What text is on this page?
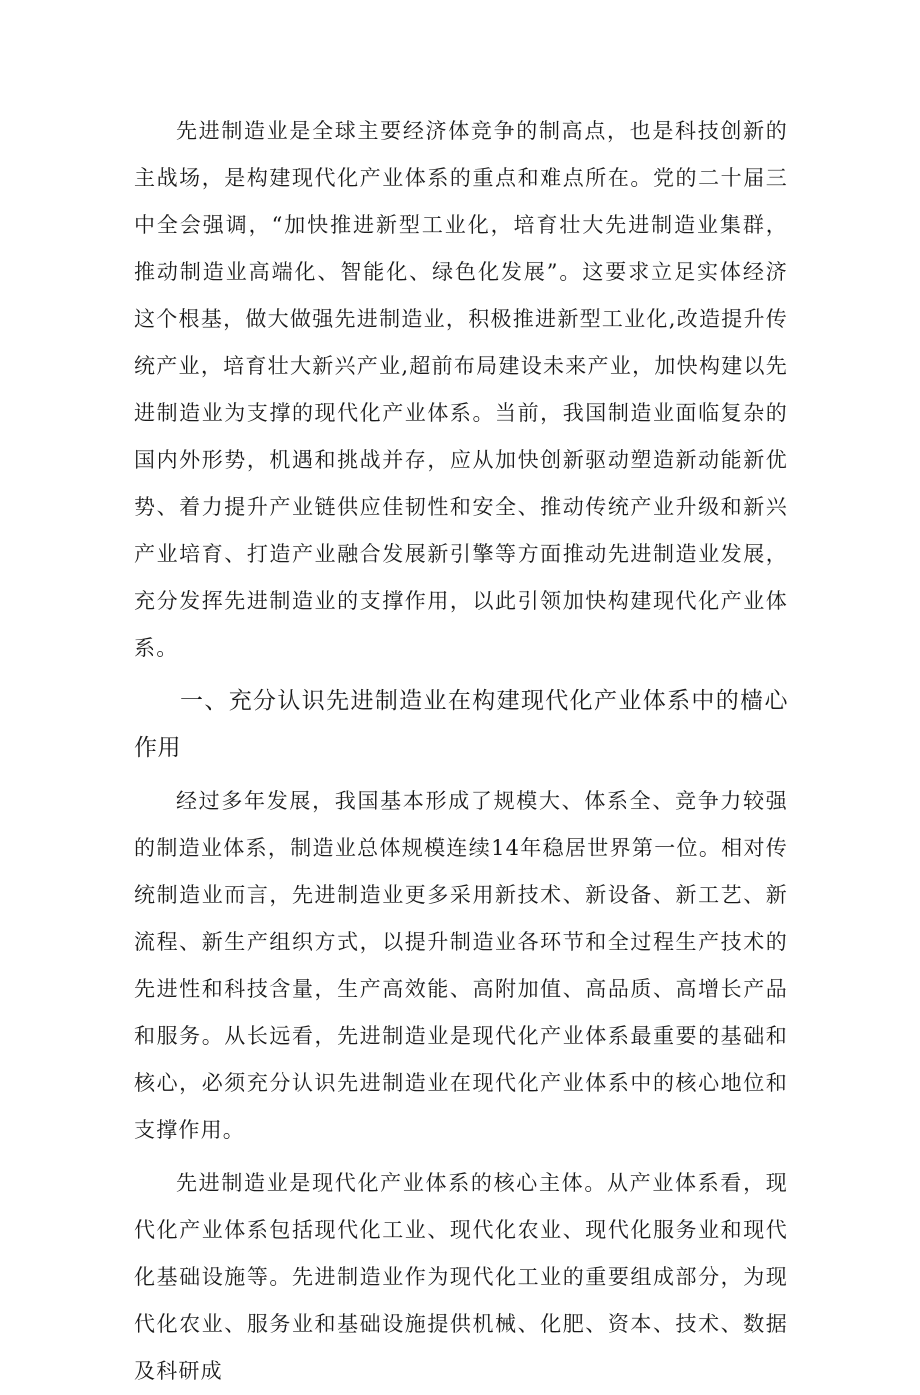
先进制造业是全球主要经济体竞争的制高点，也是科技创新的主战场，是构建现代化产业体系的重点和难点所在。党的二十届三中全会强调，“加快推进新型工业化，培育壮大先进制造业集群，推动制造业高端化、智能化、绿色化发展”。这要求立足实体经济这个根基，做大做强先进制造业，积极推进新型工业化,改造提升传统产业，培育壮大新兴产业,超前布局建设未来产业，加快构建以先进制造业为支撑的现代化产业体系。当前，我国制造业面临复杂的国内外形势，机遇和挑战并存，应从加快创新驱动塑造新动能新优势、着力提升产业链供应佳韧性和安全、推动传统产业升级和新兴产业培育、打造产业融合发展新引擎等方面推动先进制造业发展，充分发挥先进制造业的支撑作用，以此引领加快构建现代化产业体系。

一、充分认识先进制造业在构建现代化产业体系中的樯心作用

经过多年发展，我国基本形成了规模大、体系全、竞争力较强的制造业体系，制造业总体规模连续14年稳居世界第一位。相对传统制造业而言，先进制造业更多采用新技术、新设备、新工艺、新流程、新生产组织方式，以提升制造业各环节和全过程生产技术的先进性和科技含量，生产高效能、高附加值、高品质、高增长产品和服务。从长远看，先进制造业是现代化产业体系最重要的基础和核心，必须充分认识先进制造业在现代化产业体系中的核心地位和支撑作用。

先进制造业是现代化产业体系的核心主体。从产业体系看，现代化产业体系包括现代化工业、现代化农业、现代化服务业和现代化基础设施等。先进制造业作为现代化工业的重要组成部分，为现代化农业、服务业和基础设施提供机械、化肥、资本、技术、数据及科研成
